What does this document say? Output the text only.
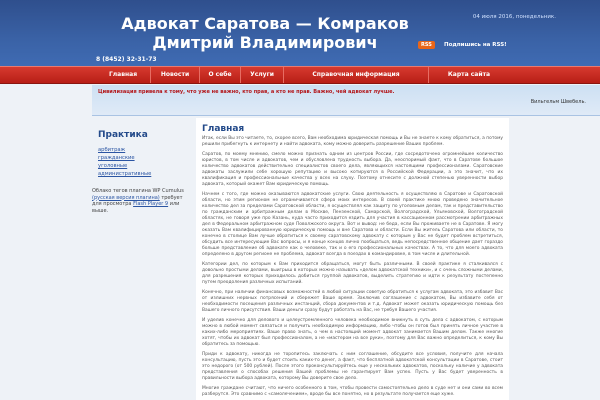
Адвокат Саратова — Комраков
Дмитрий Владимирович
8 (8452) 32-31-73
04 июля 2016, понедельник.
RSS	Подпишись на RSS!
Главная	Новости	О себе	Услуги	Справочная информация	Карта сайта
Цивилизация привела к тому, что уже не важно, кто прав, а кто не прав. Важно, чей адвокат лучше.
Вильгельм Швебель.
Практика
арбитраж
гражданские
уголовные
административные
Облако тегов плагина WP Cumulus (русская версия плагина) требует для просмотра Flash Player 9 или выше.
Главная

Итак, если Вы это читаете, то, скорее всего, Вам необходима юридическая помощь и Вы не знаете к кому обратиться, а потому решили прибегнуть к интернету и найти адвоката, кому можно доверить разрешение Ваших проблем.

Саратов, по моему мнению, смело можно признать одним из центров России, где сосредоточено огромнейшее количество юристов, в том числе и адвокатов, чем и обусловлена трудность выбора. Да, неоспоримый факт, что в Саратове большое количество адвокатов действительно специалистов своего дела, являющихся настоящими профессионалами. Саратовские адвокаты заслужили себе хорошую репутацию и высоко котируются в Российской Федерации, а это значит, что их квалификация и профессиональные качества у всех на слуху. Поэтому отнесите с должной степенью уверенности выбор адвоката, который окажет Вам юридическую помощь.

Начнем с того, где можно оказываются адвокатские услуги. Свою деятельность я осуществляю в Саратове и Саратовской области, но этим регионом не ограничивается сфера моих интересов. В своей практике мною проведено значительное количество дел за пределами Саратовской области, я осуществлял как защиту по уголовным делам, так и представительство по гражданским и арбитражным делам в Москве, Пензенской, Самарской, Волгоградской, Ульяновской, Волгоградской областях, не говоря уже про Казань, куда часто приходится ездить для участия в кассационном рассмотрении арбитражных дел в Федеральном арбитражном суде Поволжского округа. Вот и вывод: не беда, если Вы проживаете не в Саратове. Я могу оказать Вам квалифицированную юридическую помощь и вне Саратова и области. Если Вы житель Саратова или области, то конечно в столице Вам лучше обратиться к своему саратовскому адвокату с которым у Вас не будет проблем встретиться, обсудить все интересующие Вас вопросы, и я конце концов лично пообщаться, ведь непосредственное общение дает гораздо больше представление об адвокате как о человеке, так и о его профессиональных качествах. А то, что для моего адвоката определено в другом регионе не проблема, адвокат всегда в поездах в командировке, в том числе и длительной.

Категории дел, по которым к Вам приходится обращаться, могут быть различными. В своей практике я сталкивался с довольно простыми делами, выигрыш в которых можно называть «делом адвокатской техники», и с очень сложными делами, для разрешения которых приходилось добиться группой адвокатов, выделить стратегию и идти к результату постепенно путем преодоления различных испытаний.

Конечно, при наличии финансовых возможностей в любой ситуации советую обратиться к услугам адвоката, это избавит Вас от излишних нервных потрясений и сбережет Ваше время. Заключив соглашение с адвокатом, Вы избавите себя от необходимости посещения различных инстанций, сбора документов и т.д. Адвокат может оказать юридическую помощь без Вашего личного присутствия. Ваши деньги сразу будут работать на Вас, не требуя Вашего участия.

И уделив конечно для делового и целеустремленного человека необходимое вникнуть в суть дела с адвокатом, с которым можно в любой момент связаться и получить необходимую информацию, либо чтобы он готов был принять личное участие в каких-либо мероприятиях. Ваше право знать, о чем в настоящий момент адвокат занимается Вашим делом. Также многие хотят, чтобы их адвокат был профессионалом, а не «мастером на все руки», поэтому для Вас важно определиться, к кому Вы обратитесь за помощью.

Приди к адвокату, никогда не торопитесь заключать с ним соглашение, обсудите все условия, получите для начала консультацию, пусть это и будет стоить каких-то денег, а факт, что бесплатной адвокатской консультации в Саратове, стоит это недорого (от 500 рублей). После этого проконсультируйтесь еще у нескольких адвокатов, поскольку наличие у адвоката представления о способах решения Вашей проблемы не гарантирует Вам успех. Пусть у Вас будет уверенность в правильности выбора адвоката, которому Вы доверите свое дело.

Многие граждане считают, что ничего особенного в том, чтобы провести самостоятельно дело в суде нет и они сами во всем разберутся. Это сравнимо с «самолечением», вроде бы все понятно, но в результате получается еще хуже.
